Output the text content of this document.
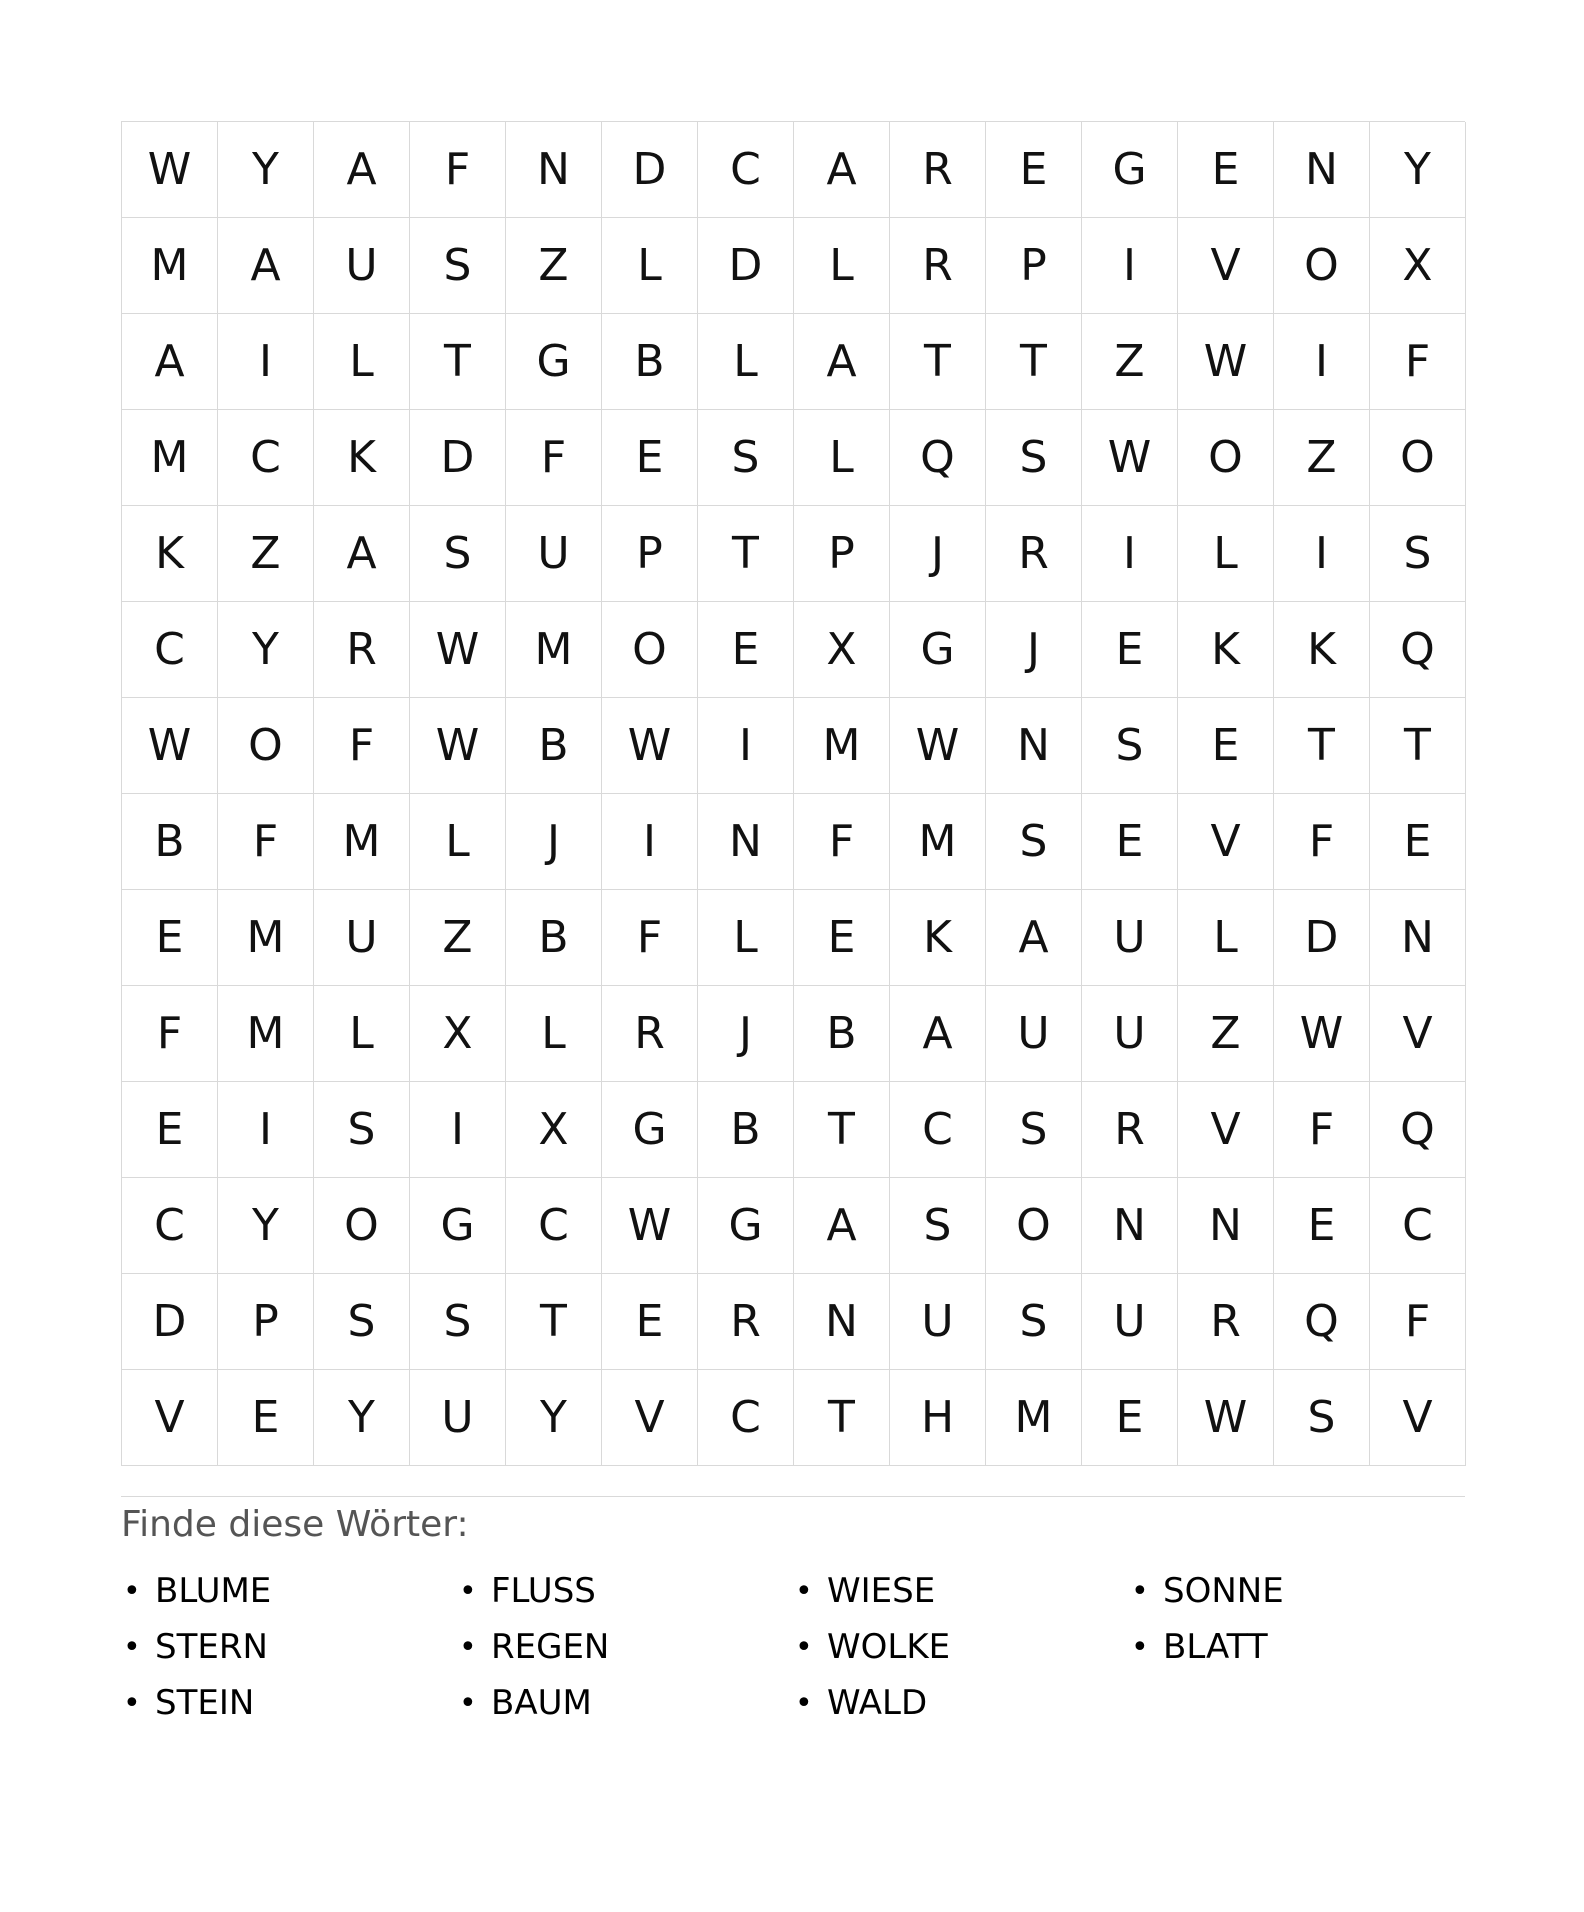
W	Y	A	F	N	D	C	A	R	E	G	E	N	Y
M	A	U	S	Z	L	D	L	R	P	I	V	O	X
A	I	L	T	G	B	L	A	T	T	Z	W	I	F
M	C	K	D	F	E	S	L	Q	S	W	O	Z	O
K	Z	A	S	U	P	T	P	J	R	I	L	I	S
C	Y	R	W	M	O	E	X	G	J	E	K	K	Q
W	O	F	W	B	W	I	M	W	N	S	E	T	T
B	F	M	L	J	I	N	F	M	S	E	V	F	E
E	M	U	Z	B	F	L	E	K	A	U	L	D	N
F	M	L	X	L	R	J	B	A	U	U	Z	W	V
E	I	S	I	X	G	B	T	C	S	R	V	F	Q
C	Y	O	G	C	W	G	A	S	O	N	N	E	C
D	P	S	S	T	E	R	N	U	S	U	R	Q	F
V	E	Y	U	Y	V	C	T	H	M	E	W	S	V
Finde diese Wörter:
• BLUME	• FLUSS	• WIESE	• SONNE
• STERN	• REGEN	• WOLKE	• BLATT
• STEIN	• BAUM	• WALD
